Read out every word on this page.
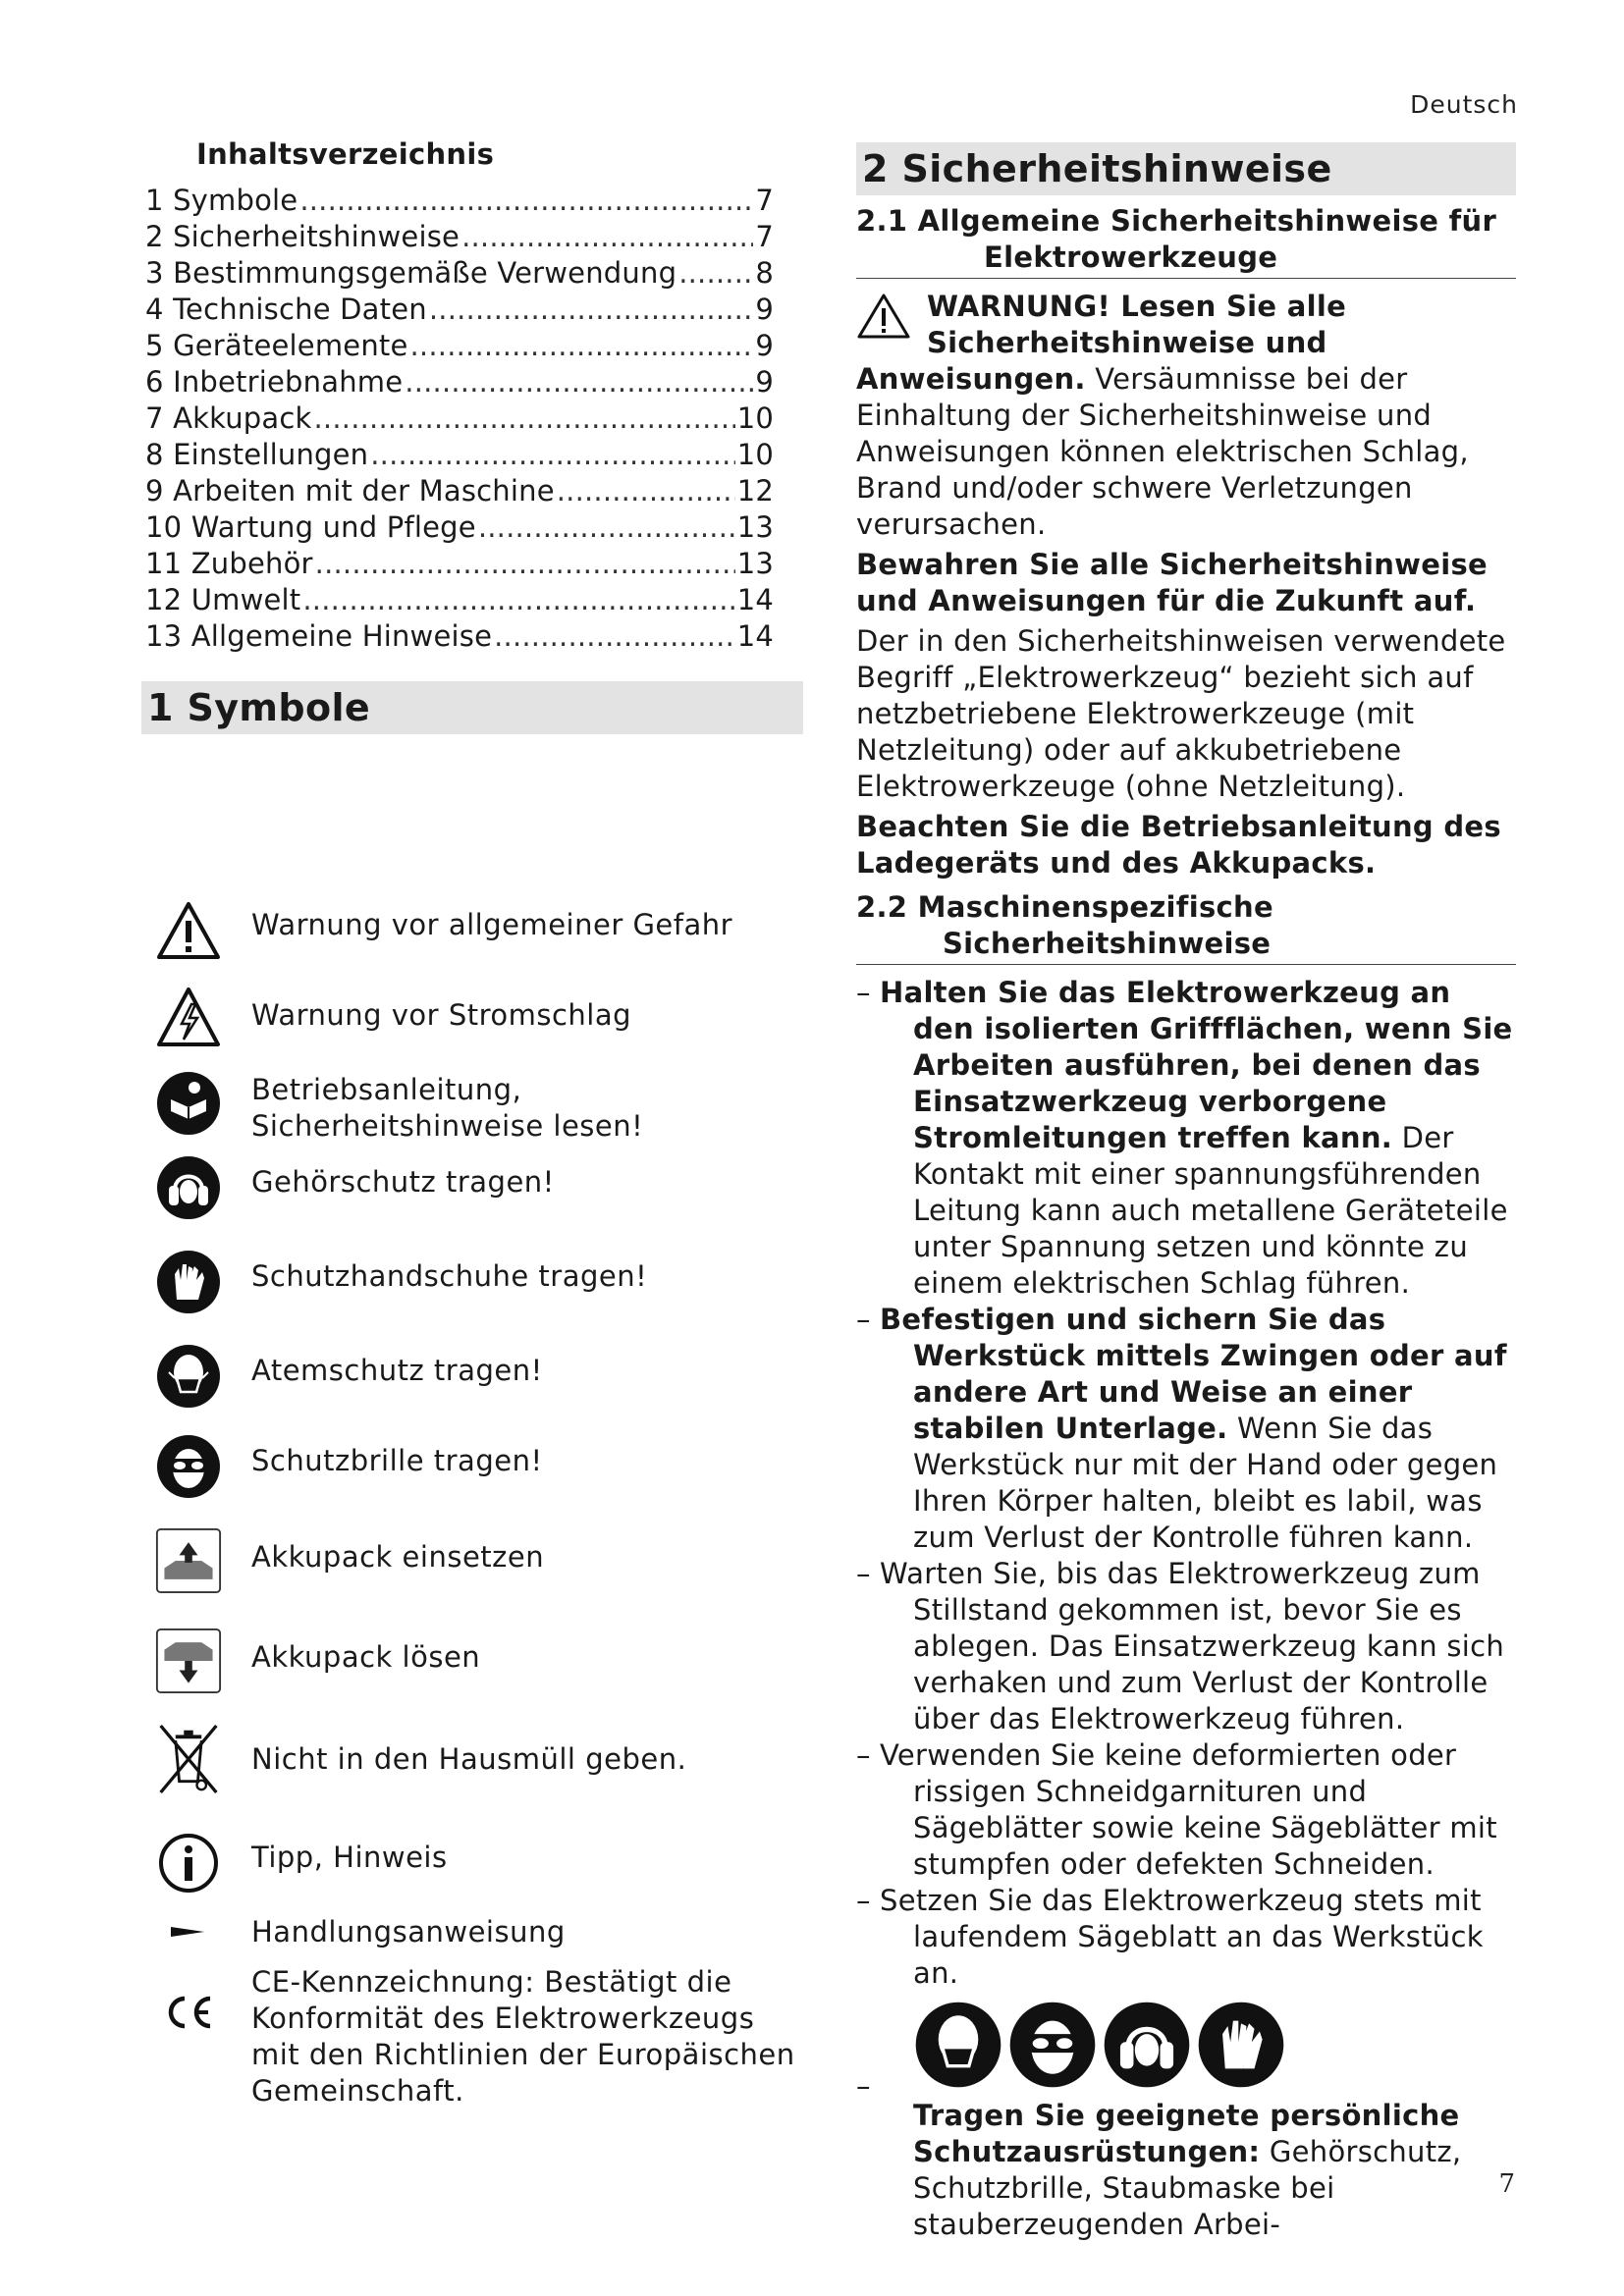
Deutsch
7
Inhaltsverzeichnis
1 Symbole .....	7
2 Sicherheitshinweise .....	7
3 Bestimmungsgemäße Verwendung .....	8
4 Technische Daten .....	9
5 Geräteelemente .....	9
6 Inbetriebnahme .....	9
7 Akkupack .....	10
8 Einstellungen .....	10
9 Arbeiten mit der Maschine .....	12
10 Wartung und Pflege .....	13
11 Zubehör .....	13
12 Umwelt .....	14
13 Allgemeine Hinweise .....	14
1 Symbole
Warnung vor allgemeiner Gefahr
Warnung vor Stromschlag
Betriebsanleitung, Sicherheitshinweise lesen!
Gehörschutz tragen!
Schutzhandschuhe tragen!
Atemschutz tragen!
Schutzbrille tragen!
Akkupack einsetzen
Akkupack lösen
Nicht in den Hausmüll geben.
Tipp, Hinweis
Handlungsanweisung
CE-Kennzeichnung: Bestätigt die Konformität des Elektrowerkzeugs mit den Richtlinien der Europäischen Gemeinschaft.
2 Sicherheitshinweise
2.1 Allgemeine Sicherheitshinweise für
Elektrowerkzeuge
WARNUNG! Lesen Sie alle Sicherheitshinweise und Anweisungen. Versäumnisse bei der Einhaltung der Sicherheitshinweise und Anweisungen können elektrischen Schlag, Brand und/oder schwere Verletzungen verursachen.
Bewahren Sie alle Sicherheitshinweise und Anweisungen für die Zukunft auf.
Der in den Sicherheitshinweisen verwendete Begriff „Elektrowerkzeug“ bezieht sich auf netzbetriebene Elektrowerkzeuge (mit Netzleitung) oder auf akkubetriebene Elektrowerkzeuge (ohne Netzleitung).
Beachten Sie die Betriebsanleitung des Ladegeräts und des Akkupacks.
2.2 Maschinenspezifische
Sicherheitshinweise
– Halten Sie das Elektrowerkzeug an den isolierten Griffflächen, wenn Sie Arbeiten ausführen, bei denen das Einsatzwerkzeug verborgene Stromleitungen treffen kann. Der Kontakt mit einer spannungsführenden Leitung kann auch metallene Geräteteile unter Spannung setzen und könnte zu einem elektrischen Schlag führen.
– Befestigen und sichern Sie das Werkstück mittels Zwingen oder auf andere Art und Weise an einer stabilen Unterlage. Wenn Sie das Werkstück nur mit der Hand oder gegen Ihren Körper halten, bleibt es labil, was zum Verlust der Kontrolle führen kann.
– Warten Sie, bis das Elektrowerkzeug zum Stillstand gekommen ist, bevor Sie es ablegen. Das Einsatzwerkzeug kann sich verhaken und zum Verlust der Kontrolle über das Elektrowerkzeug führen.
– Verwenden Sie keine deformierten oder rissigen Schneidgarnituren und Sägeblätter sowie keine Sägeblätter mit stumpfen oder defekten Schneiden.
– Setzen Sie das Elektrowerkzeug stets mit laufendem Sägeblatt an das Werkstück an.
–
Tragen Sie geeignete persönliche Schutzausrüstungen: Gehörschutz, Schutzbrille, Staubmaske bei stauberzeugenden Arbei-
